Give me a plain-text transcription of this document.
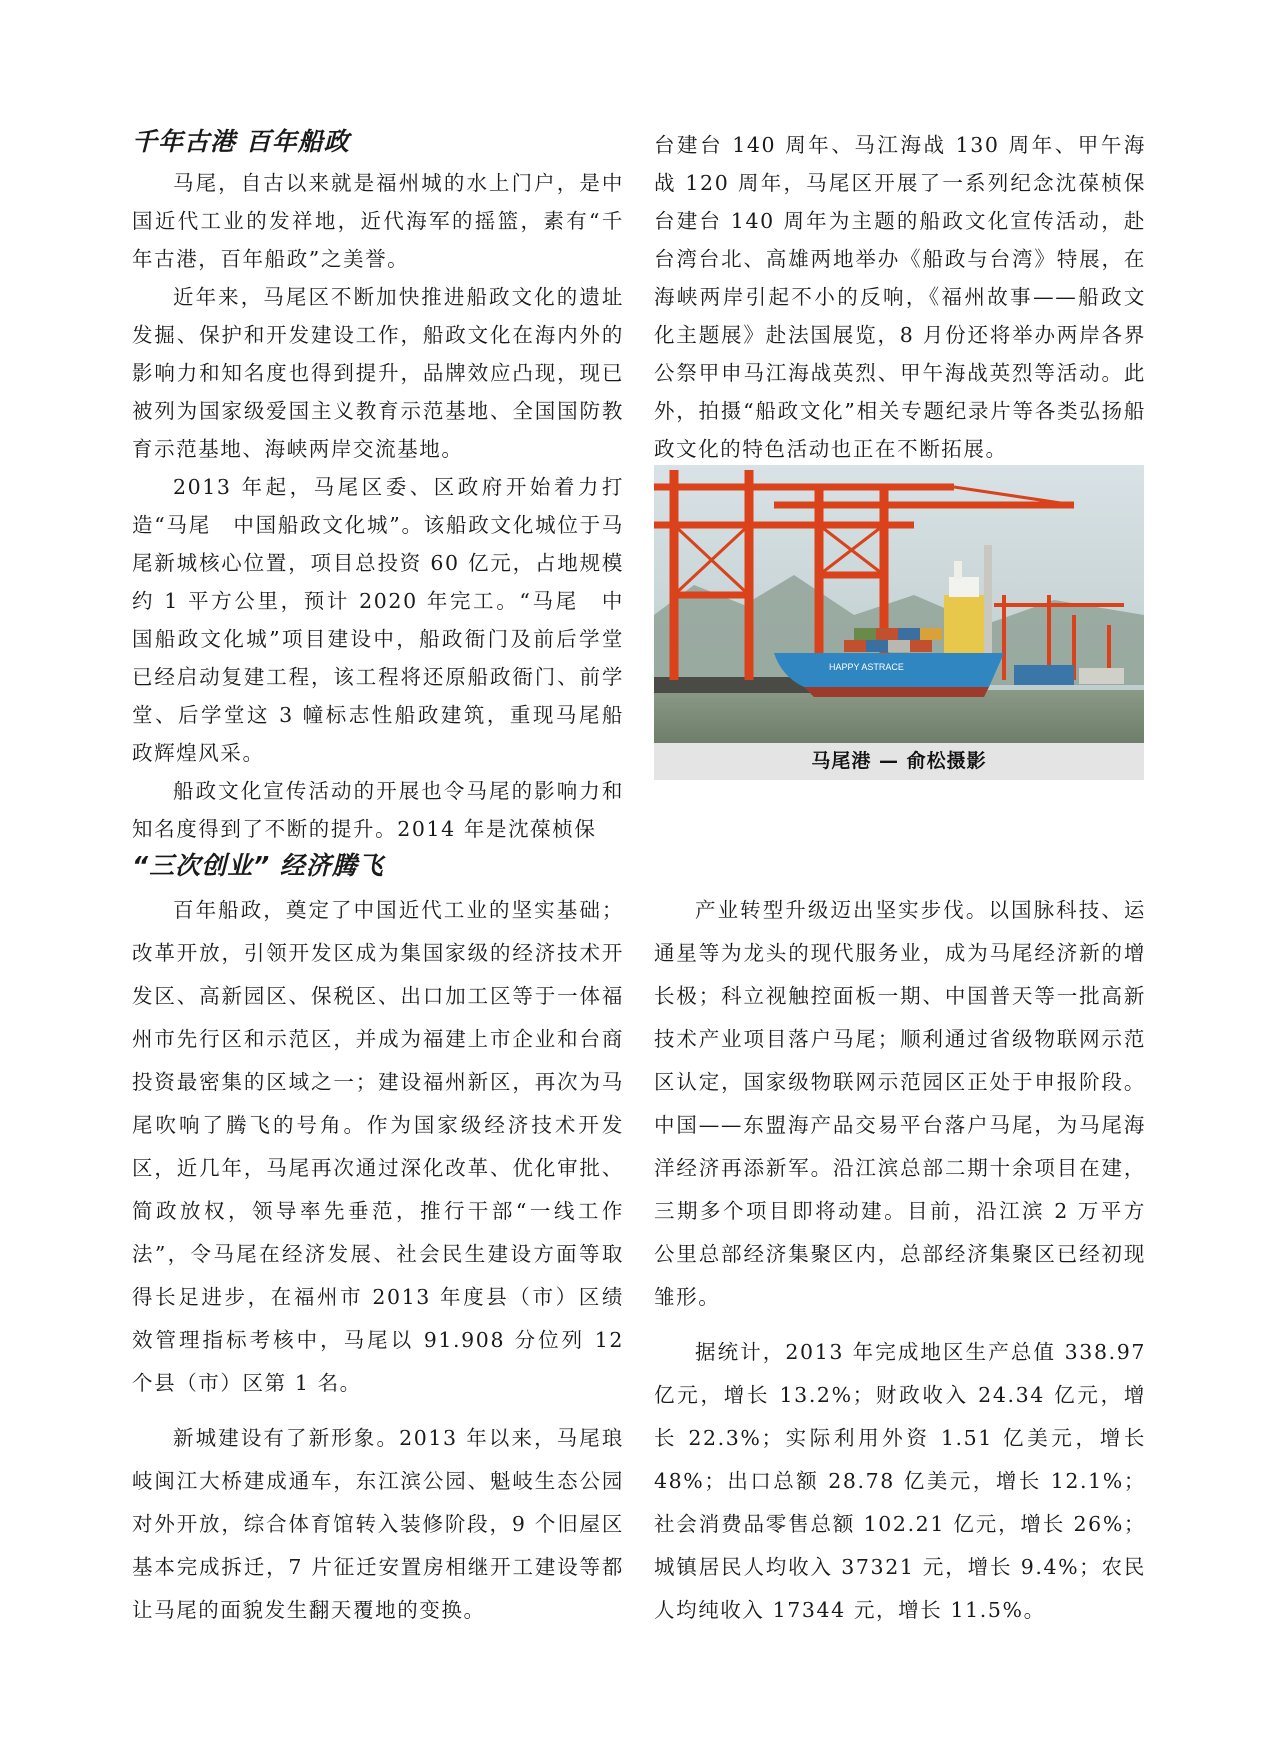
千年古港 百年船政

马尾，自古以来就是福州城的水上门户，是中国近代工业的发祥地，近代海军的摇篮，素有“千年古港，百年船政”之美誉。

近年来，马尾区不断加快推进船政文化的遗址发掘、保护和开发建设工作，船政文化在海内外的影响力和知名度也得到提升，品牌效应凸现，现已被列为国家级爱国主义教育示范基地、全国国防教育示范基地、海峡两岸交流基地。

2013 年起，马尾区委、区政府开始着力打造“马尾　中国船政文化城”。该船政文化城位于马尾新城核心位置，项目总投资 60 亿元，占地规模约 1 平方公里，预计 2020 年完工。“马尾　中国船政文化城”项目建设中，船政衙门及前后学堂已经启动复建工程，该工程将还原船政衙门、前学堂、后学堂这 3 幢标志性船政建筑，重现马尾船政辉煌风采。

船政文化宣传活动的开展也令马尾的影响力和知名度得到了不断的提升。2014 年是沈葆桢保

台建台 140 周年、马江海战 130 周年、甲午海战 120 周年，马尾区开展了一系列纪念沈葆桢保台建台 140 周年为主题的船政文化宣传活动，赴台湾台北、高雄两地举办《船政与台湾》特展，在海峡两岸引起不小的反响，《福州故事——船政文化主题展》赴法国展览，8 月份还将举办两岸各界公祭甲申马江海战英烈、甲午海战英烈等活动。此外，拍摄“船政文化”相关专题纪录片等各类弘扬船政文化的特色活动也正在不断拓展。

HAPPY ASTRACE
马尾港 — 俞松摄影
“三次创业” 经济腾飞

百年船政，奠定了中国近代工业的坚实基础；改革开放，引领开发区成为集国家级的经济技术开发区、高新园区、保税区、出口加工区等于一体福州市先行区和示范区，并成为福建上市企业和台商投资最密集的区域之一；建设福州新区，再次为马尾吹响了腾飞的号角。作为国家级经济技术开发区，近几年，马尾再次通过深化改革、优化审批、简政放权，领导率先垂范，推行干部“一线工作法”，令马尾在经济发展、社会民生建设方面等取得长足进步，在福州市 2013 年度县（市）区绩效管理指标考核中，马尾以 91.908 分位列 12 个县（市）区第 1 名。

新城建设有了新形象。2013 年以来，马尾琅岐闽江大桥建成通车，东江滨公园、魁岐生态公园对外开放，综合体育馆转入装修阶段，9 个旧屋区基本完成拆迁，7 片征迁安置房相继开工建设等都让马尾的面貌发生翻天覆地的变换。

产业转型升级迈出坚实步伐。以国脉科技、运通星等为龙头的现代服务业，成为马尾经济新的增长极；科立视触控面板一期、中国普天等一批高新技术产业项目落户马尾；顺利通过省级物联网示范区认定，国家级物联网示范园区正处于申报阶段。中国——东盟海产品交易平台落户马尾，为马尾海洋经济再添新军。沿江滨总部二期十余项目在建，三期多个项目即将动建。目前，沿江滨 2 万平方公里总部经济集聚区内，总部经济集聚区已经初现雏形。

据统计，2013 年完成地区生产总值 338.97 亿元，增长 13.2%；财政收入 24.34 亿元，增长 22.3%；实际利用外资 1.51 亿美元，增长 48%；出口总额 28.78 亿美元，增长 12.1%；社会消费品零售总额 102.21 亿元，增长 26%；城镇居民人均收入 37321 元，增长 9.4%；农民人均纯收入 17344 元，增长 11.5%。
